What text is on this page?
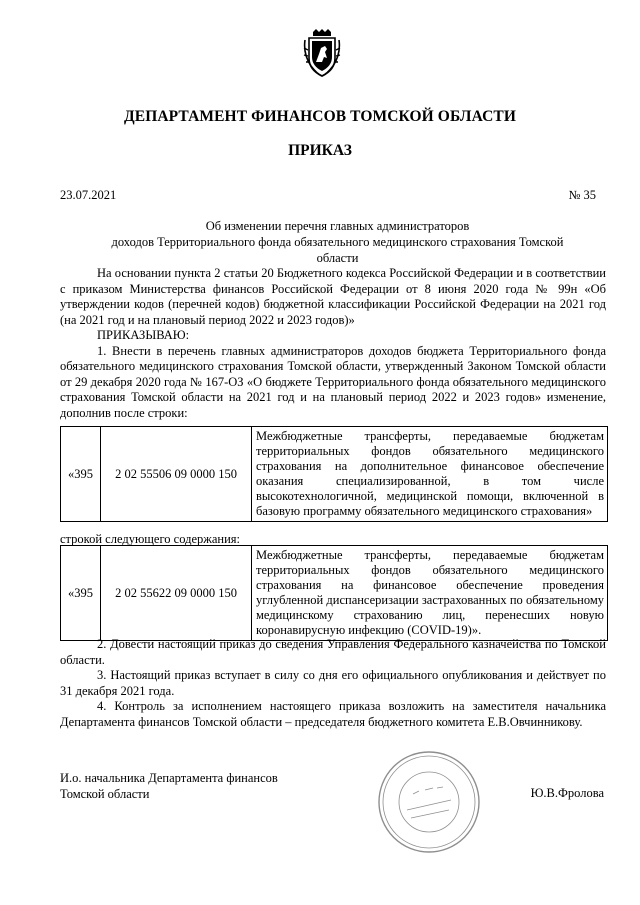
ДЕПАРТАМЕНТ ФИНАНСОВ ТОМСКОЙ ОБЛАСТИ
ПРИКАЗ
23.07.2021	№ 35
Об изменении перечня главных администраторов
доходов Территориального фонда обязательного медицинского страхования Томской
области

На основании пункта 2 статьи 20 Бюджетного кодекса Российской Федерации и в соответствии с приказом Министерства финансов Российской Федерации от 8 июня 2020 года № 99н «Об утверждении кодов (перечней кодов) бюджетной классификации Российской Федерации на 2021 год (на 2021 год и на плановый период 2022 и 2023 годов)»

ПРИКАЗЫВАЮ:

1. Внести в перечень главных администраторов доходов бюджета Территориального фонда обязательного медицинского страхования Томской области, утвержденный Законом Томской области от 29 декабря 2020 года № 167-ОЗ «О бюджете Территориального фонда обязательного медицинского страхования Томской области на 2021 год и на плановый период 2022 и 2023 годов» изменение, дополнив после строки:

«395	2 02 55506 09 0000 150	Межбюджетные трансферты, передаваемые бюджетам территориальных фондов обязательного медицинского страхования на дополнительное финансовое обеспечение оказания специализированной, в том числе высокотехнологичной, медицинской помощи, включенной в базовую программу обязательного медицинского страхования»
строкой следующего содержания:
«395	2 02 55622 09 0000 150	Межбюджетные трансферты, передаваемые бюджетам территориальных фондов обязательного медицинского страхования на финансовое обеспечение проведения углубленной диспансеризации застрахованных по обязательному медицинскому страхованию лиц, перенесших новую коронавирусную инфекцию (COVID-19)».

2. Довести настоящий приказ до сведения Управления Федерального казначейства по Томской области.

3. Настоящий приказ вступает в силу со дня его официального опубликования и действует по 31 декабря 2021 года.

4. Контроль за исполнением настоящего приказа возложить на заместителя начальника Департамента финансов Томской области – председателя бюджетного комитета Е.В.Овчинникову.

И.о. начальника Департамента финансов
Томской области	Ю.В.Фролова
